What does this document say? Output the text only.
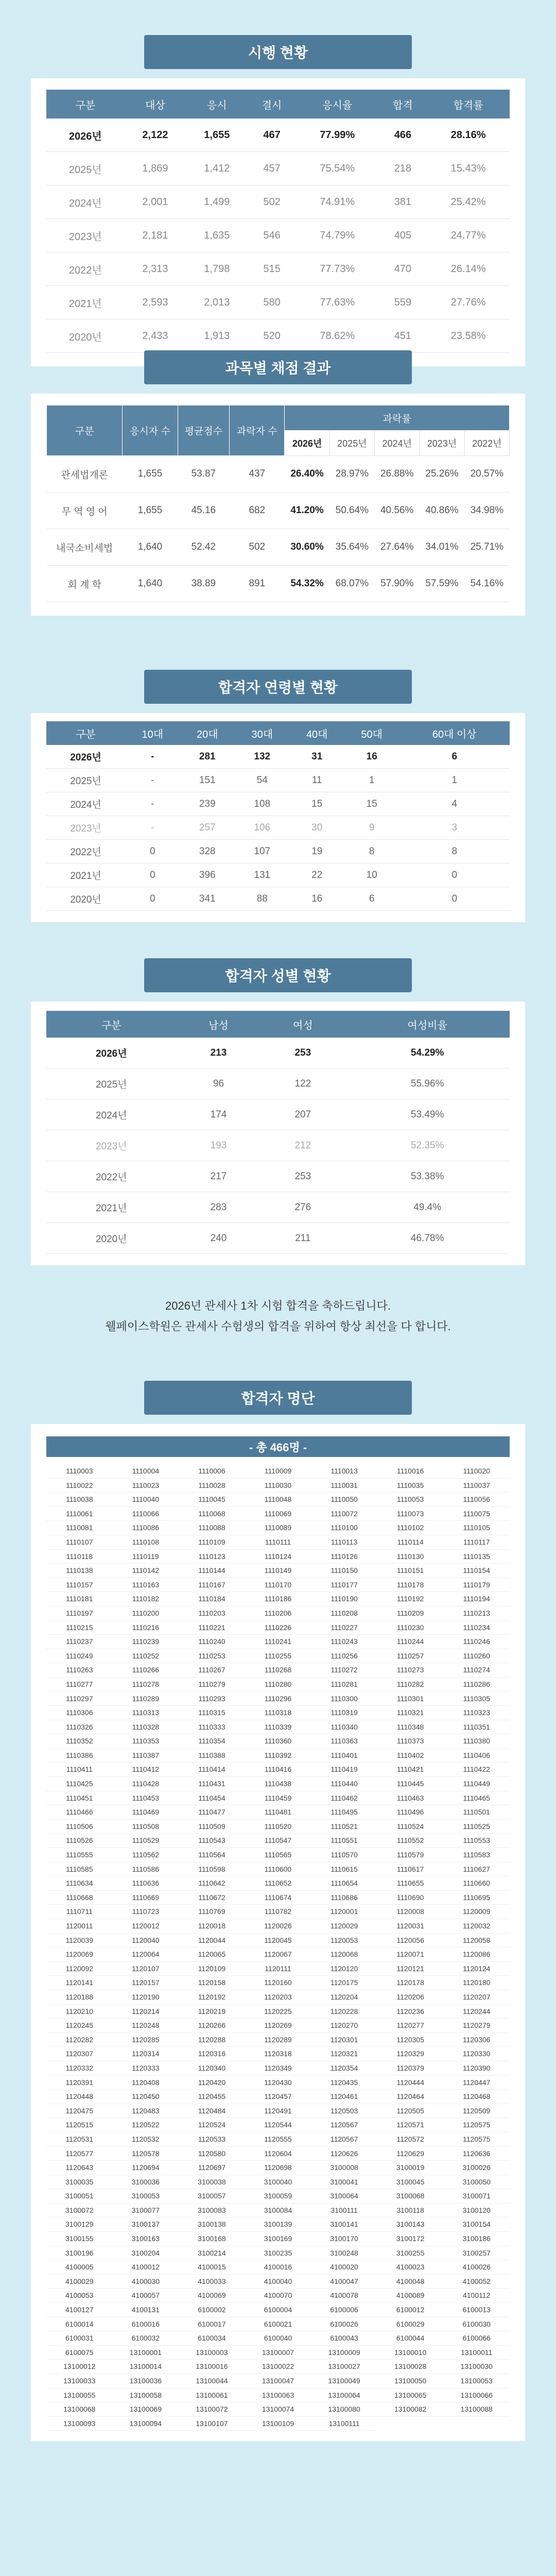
시행 현황
구분	대상	응시	결시	응시율	합격	합격률
2026년	2,122	1,655	467	77.99%	466	28.16%
2025년	1,869	1,412	457	75.54%	218	15.43%
2024년	2,001	1,499	502	74.91%	381	25.42%
2023년	2,181	1,635	546	74.79%	405	24.77%
2022년	2,313	1,798	515	77.73%	470	26.14%
2021년	2,593	2,013	580	77.63%	559	27.76%
2020년	2,433	1,913	520	78.62%	451	23.58%
과목별 채점 결과
구분	응시자 수	평균점수	과락자 수	과락률				
				2026년	2025년	2024년	2023년	2022년
관세법개론	1,655	53.87	437	26.40%	28.97%	26.88%	25.26%	20.57%
무 역 영 어	1,655	45.16	682	41.20%	50.64%	40.56%	40.86%	34.98%
내국소비세법	1,640	52.42	502	30.60%	35.64%	27.64%	34.01%	25.71%
회 계 학	1,640	38.89	891	54.32%	68.07%	57.90%	57.59%	54.16%
합격자 연령별 현황
구분	10대	20대	30대	40대	50대	60대 이상
2026년	-	281	132	31	16	6
2025년	-	151	54	11	1	1
2024년	-	239	108	15	15	4
2023년	-	257	106	30	9	3
2022년	0	328	107	19	8	8
2021년	0	396	131	22	10	0
2020년	0	341	88	16	6	0
합격자 성별 현황
구분	남성	여성	여성비율
2026년	213	253	54.29%
2025년	96	122	55.96%
2024년	174	207	53.49%
2023년	193	212	52.35%
2022년	217	253	53.38%
2021년	283	276	49.4%
2020년	240	211	46.78%
2026년 관세사 1차 시험 합격을 축하드립니다.
웰페이스학원은 관세사 수험생의 합격을 위하여 항상 최선을 다 합니다.
합격자 명단
- 총 466명 -
1110003	1110004	1110006	1110009	1110013	1110016	1110020
1110022	1110023	1110028	1110030	1110031	1110035	1110037
1110038	1110040	1110045	1110048	1110050	1110053	1110056
1110061	1110066	1110068	1110069	1110072	1110073	1110075
1110081	1110086	1110088	1110089	1110100	1110102	1110105
1110107	1110108	1110109	1110111	1110113	1110114	1110117
1110118	1110119	1110123	1110124	1110126	1110130	1110135
1110138	1110142	1110144	1110149	1110150	1110151	1110154
1110157	1110163	1110167	1110170	1110177	1110178	1110179
1110181	1110182	1110184	1110186	1110190	1110192	1110194
1110197	1110200	1110203	1110206	1110208	1110209	1110213
1110215	1110216	1110221	1110226	1110227	1110230	1110234
1110237	1110239	1110240	1110241	1110243	1110244	1110246
1110249	1110252	1110253	1110255	1110256	1110257	1110260
1110263	1110266	1110267	1110268	1110272	1110273	1110274
1110277	1110278	1110279	1110280	1110281	1110282	1110286
1110297	1110289	1110293	1110296	1110300	1110301	1110305
1110306	1110313	1110315	1110318	1110319	1110321	1110323
1110326	1110328	1110333	1110339	1110340	1110348	1110351
1110352	1110353	1110354	1110360	1110363	1110373	1110380
1110386	1110387	1110388	1110392	1110401	1110402	1110406
1110411	1110412	1110414	1110416	1110419	1110421	1110422
1110425	1110428	1110431	1110438	1110440	1110445	1110449
1110451	1110453	1110454	1110459	1110462	1110463	1110465
1110466	1110469	1110477	1110481	1110495	1110496	1110501
1110506	1110508	1110509	1110520	1110521	1110524	1110525
1110526	1110529	1110543	1110547	1110551	1110552	1110553
1110555	1110562	1110564	1110565	1110570	1110579	1110583
1110585	1110586	1110598	1110600	1110615	1110617	1110627
1110634	1110636	1110642	1110652	1110654	1110655	1110660
1110668	1110669	1110672	1110674	1110686	1110690	1110695
1110711	1110723	1110769	1110782	1120001	1120008	1120009
1120011	1120012	1120018	1120026	1120029	1120031	1120032
1120039	1120040	1120044	1120045	1120053	1120056	1120058
1120069	1120064	1120065	1120067	1120068	1120071	1120086
1120092	1120107	1120109	1120111	1120120	1120121	1120124
1120141	1120157	1120158	1120160	1120175	1120178	1120180
1120188	1120190	1120192	1120203	1120204	1120206	1120207
1120210	1120214	1120219	1120225	1120228	1120236	1120244
1120245	1120248	1120266	1120269	1120270	1120277	1120279
1120282	1120285	1120288	1120289	1120301	1120305	1120306
1120307	1120314	1120316	1120318	1120321	1120329	1120330
1120332	1120333	1120340	1120349	1120354	1120379	1120390
1120391	1120408	1120420	1120430	1120435	1120444	1120447
1120448	1120450	1120455	1120457	1120461	1120464	1120468
1120475	1120483	1120484	1120491	1120503	1120505	1120509
1120515	1120522	1120524	1120544	1120567	1120571	1120575
1120531	1120532	1120533	1120555	1120567	1120572	1120575
1120577	1120578	1120580	1120604	1120626	1120629	1120636
1120643	1120694	1120697	1120698	3100008	3100019	3100026
3100035	3100036	3100038	3100040	3100041	3100045	3100050
3100051	3100053	3100057	3100059	3100064	3100068	3100071
3100072	3100077	3100083	3100084	3100111	3100118	3100120
3100129	3100137	3100138	3100139	3100141	3100143	3100154
3100155	3100163	3100168	3100169	3100170	3100172	3100186
3100196	3100204	3100214	3100235	3100248	3100255	3100257
4100005	4100012	4100015	4100016	4100020	4100023	4100026
4100029	4100030	4100033	4100040	4100047	4100048	4100052
4100053	4100057	4100069	4100070	4100078	4100089	4100112
4100127	4100131	6100002	6100004	6100006	6100012	6100013
6100014	6100016	6100017	6100021	6100026	6100029	6100030
6100031	6100032	6100034	6100040	6100043	6100044	6100066
6100075	13100001	13100003	13100007	13100009	13100010	13100011
13100012	13100014	13100016	13100022	13100027	13100028	13100030
13100033	13100036	13100044	13100047	13100049	13100050	13100053
13100055	13100058	13100061	13100063	13100064	13100065	13100066
13100068	13100069	13100072	13100074	13100080	13100082	13100088
13100093	13100094	13100107	13100109	13100111
